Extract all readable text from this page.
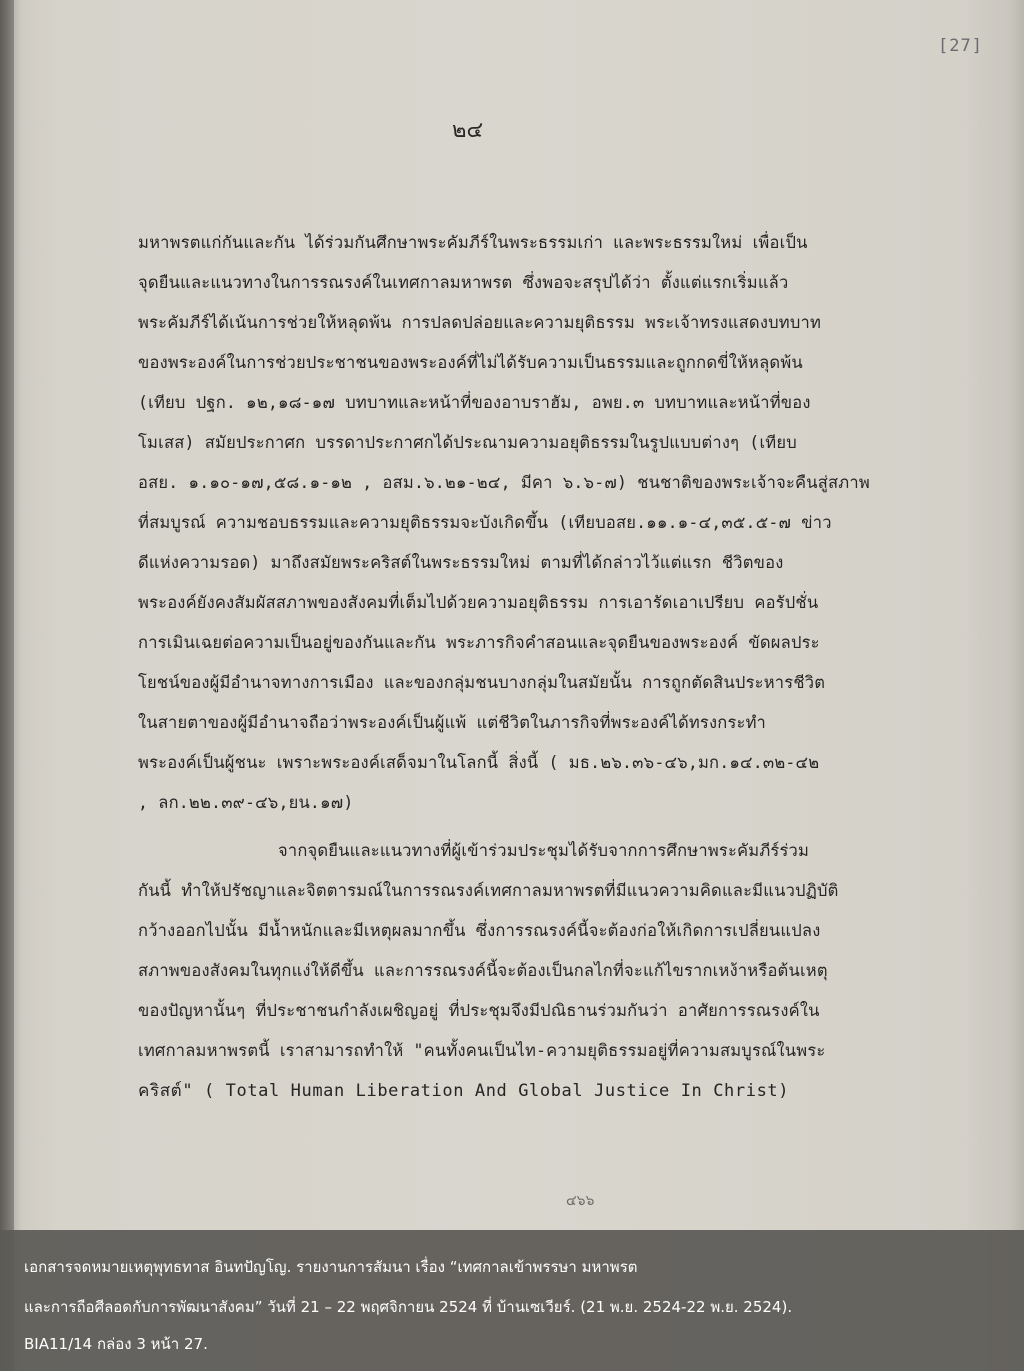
[27]
๒๔
มหาพรตแก่กันและกัน ได้ร่วมกันศึกษาพระคัมภีร์ในพระธรรมเก่า และพระธรรมใหม่ เพื่อเป็น
จุดยืนและแนวทางในการรณรงค์ในเทศกาลมหาพรต ซึ่งพอจะสรุปได้ว่า ตั้งแต่แรกเริ่มแล้ว
พระคัมภีร์ได้เน้นการช่วยให้หลุดพ้น การปลดปล่อยและความยุติธรรม พระเจ้าทรงแสดงบทบาท
ของพระองค์ในการช่วยประชาชนของพระองค์ที่ไม่ได้รับความเป็นธรรมและถูกกดขี่ให้หลุดพ้น
(เทียบ ปฐก. ๑๒,๑๘-๑๗ บทบาทและหน้าที่ของอาบราฮัม, อพย.๓ บทบาทและหน้าที่ของ
โมเสส) สมัยประกาศก บรรดาประกาศกได้ประณามความอยุติธรรมในรูปแบบต่างๆ (เทียบ
อสย. ๑.๑๐-๑๗,๕๘.๑-๑๒ , อสม.๖.๒๑-๒๔, มีคา ๖.๖-๗) ชนชาติของพระเจ้าจะคืนสู่สภาพ
ที่สมบูรณ์ ความชอบธรรมและความยุติธรรมจะบังเกิดขึ้น (เทียบอสย.๑๑.๑-๔,๓๕.๕-๗ ข่าว
ดีแห่งความรอด) มาถึงสมัยพระคริสต์ในพระธรรมใหม่ ตามที่ได้กล่าวไว้แต่แรก ชีวิตของ
พระองค์ยังคงสัมผัสสภาพของสังคมที่เต็มไปด้วยความอยุติธรรม การเอารัดเอาเปรียบ คอรัปชั่น
การเมินเฉยต่อความเป็นอยู่ของกันและกัน พระภารกิจคำสอนและจุดยืนของพระองค์ ขัดผลประ
โยชน์ของผู้มีอำนาจทางการเมือง และของกลุ่มชนบางกลุ่มในสมัยนั้น การถูกตัดสินประหารชีวิต
ในสายตาของผู้มีอำนาจถือว่าพระองค์เป็นผู้แพ้ แต่ชีวิตในภารกิจที่พระองค์ได้ทรงกระทำ
พระองค์เป็นผู้ชนะ เพราะพระองค์เสด็จมาในโลกนี้ สิ่งนี้ ( มธ.๒๖.๓๖-๔๖,มก.๑๔.๓๒-๔๒
, ลก.๒๒.๓๙-๔๖,ยน.๑๗)
จากจุดยืนและแนวทางที่ผู้เข้าร่วมประชุมได้รับจากการศึกษาพระคัมภีร์ร่วม
กันนี้ ทำให้ปรัชญาและจิตตารมณ์ในการรณรงค์เทศกาลมหาพรตที่มีแนวความคิดและมีแนวปฏิบัติ
กว้างออกไปนั้น มีน้ำหนักและมีเหตุผลมากขึ้น ซึ่งการรณรงค์นี้จะต้องก่อให้เกิดการเปลี่ยนแปลง
สภาพของสังคมในทุกแง่ให้ดีขึ้น และการรณรงค์นี้จะต้องเป็นกลไกที่จะแก้ไขรากเหง้าหรือต้นเหตุ
ของปัญหานั้นๆ ที่ประชาชนกำลังเผชิญอยู่ ที่ประชุมจึงมีปณิธานร่วมกันว่า อาศัยการรณรงค์ใน
เทศกาลมหาพรตนี้ เราสามารถทำให้ "คนทั้งคนเป็นไท-ความยุติธรรมอยู่ที่ความสมบูรณ์ในพระ
คริสต์" ( Total Human Liberation And Global Justice In Christ)
๔๖๖
เอกสารจดหมายเหตุพุทธทาส อินทปัญโญ. รายงานการสัมนา เรื่อง “เทศกาลเข้าพรรษา มหาพรต
และการถือศีลอดกับการพัฒนาสังคม” วันที่ 21 – 22 พฤศจิกายน 2524 ที่ บ้านเซเวียร์. (21 พ.ย. 2524-22 พ.ย. 2524).
BIA11/14 กล่อง 3 หน้า 27.
